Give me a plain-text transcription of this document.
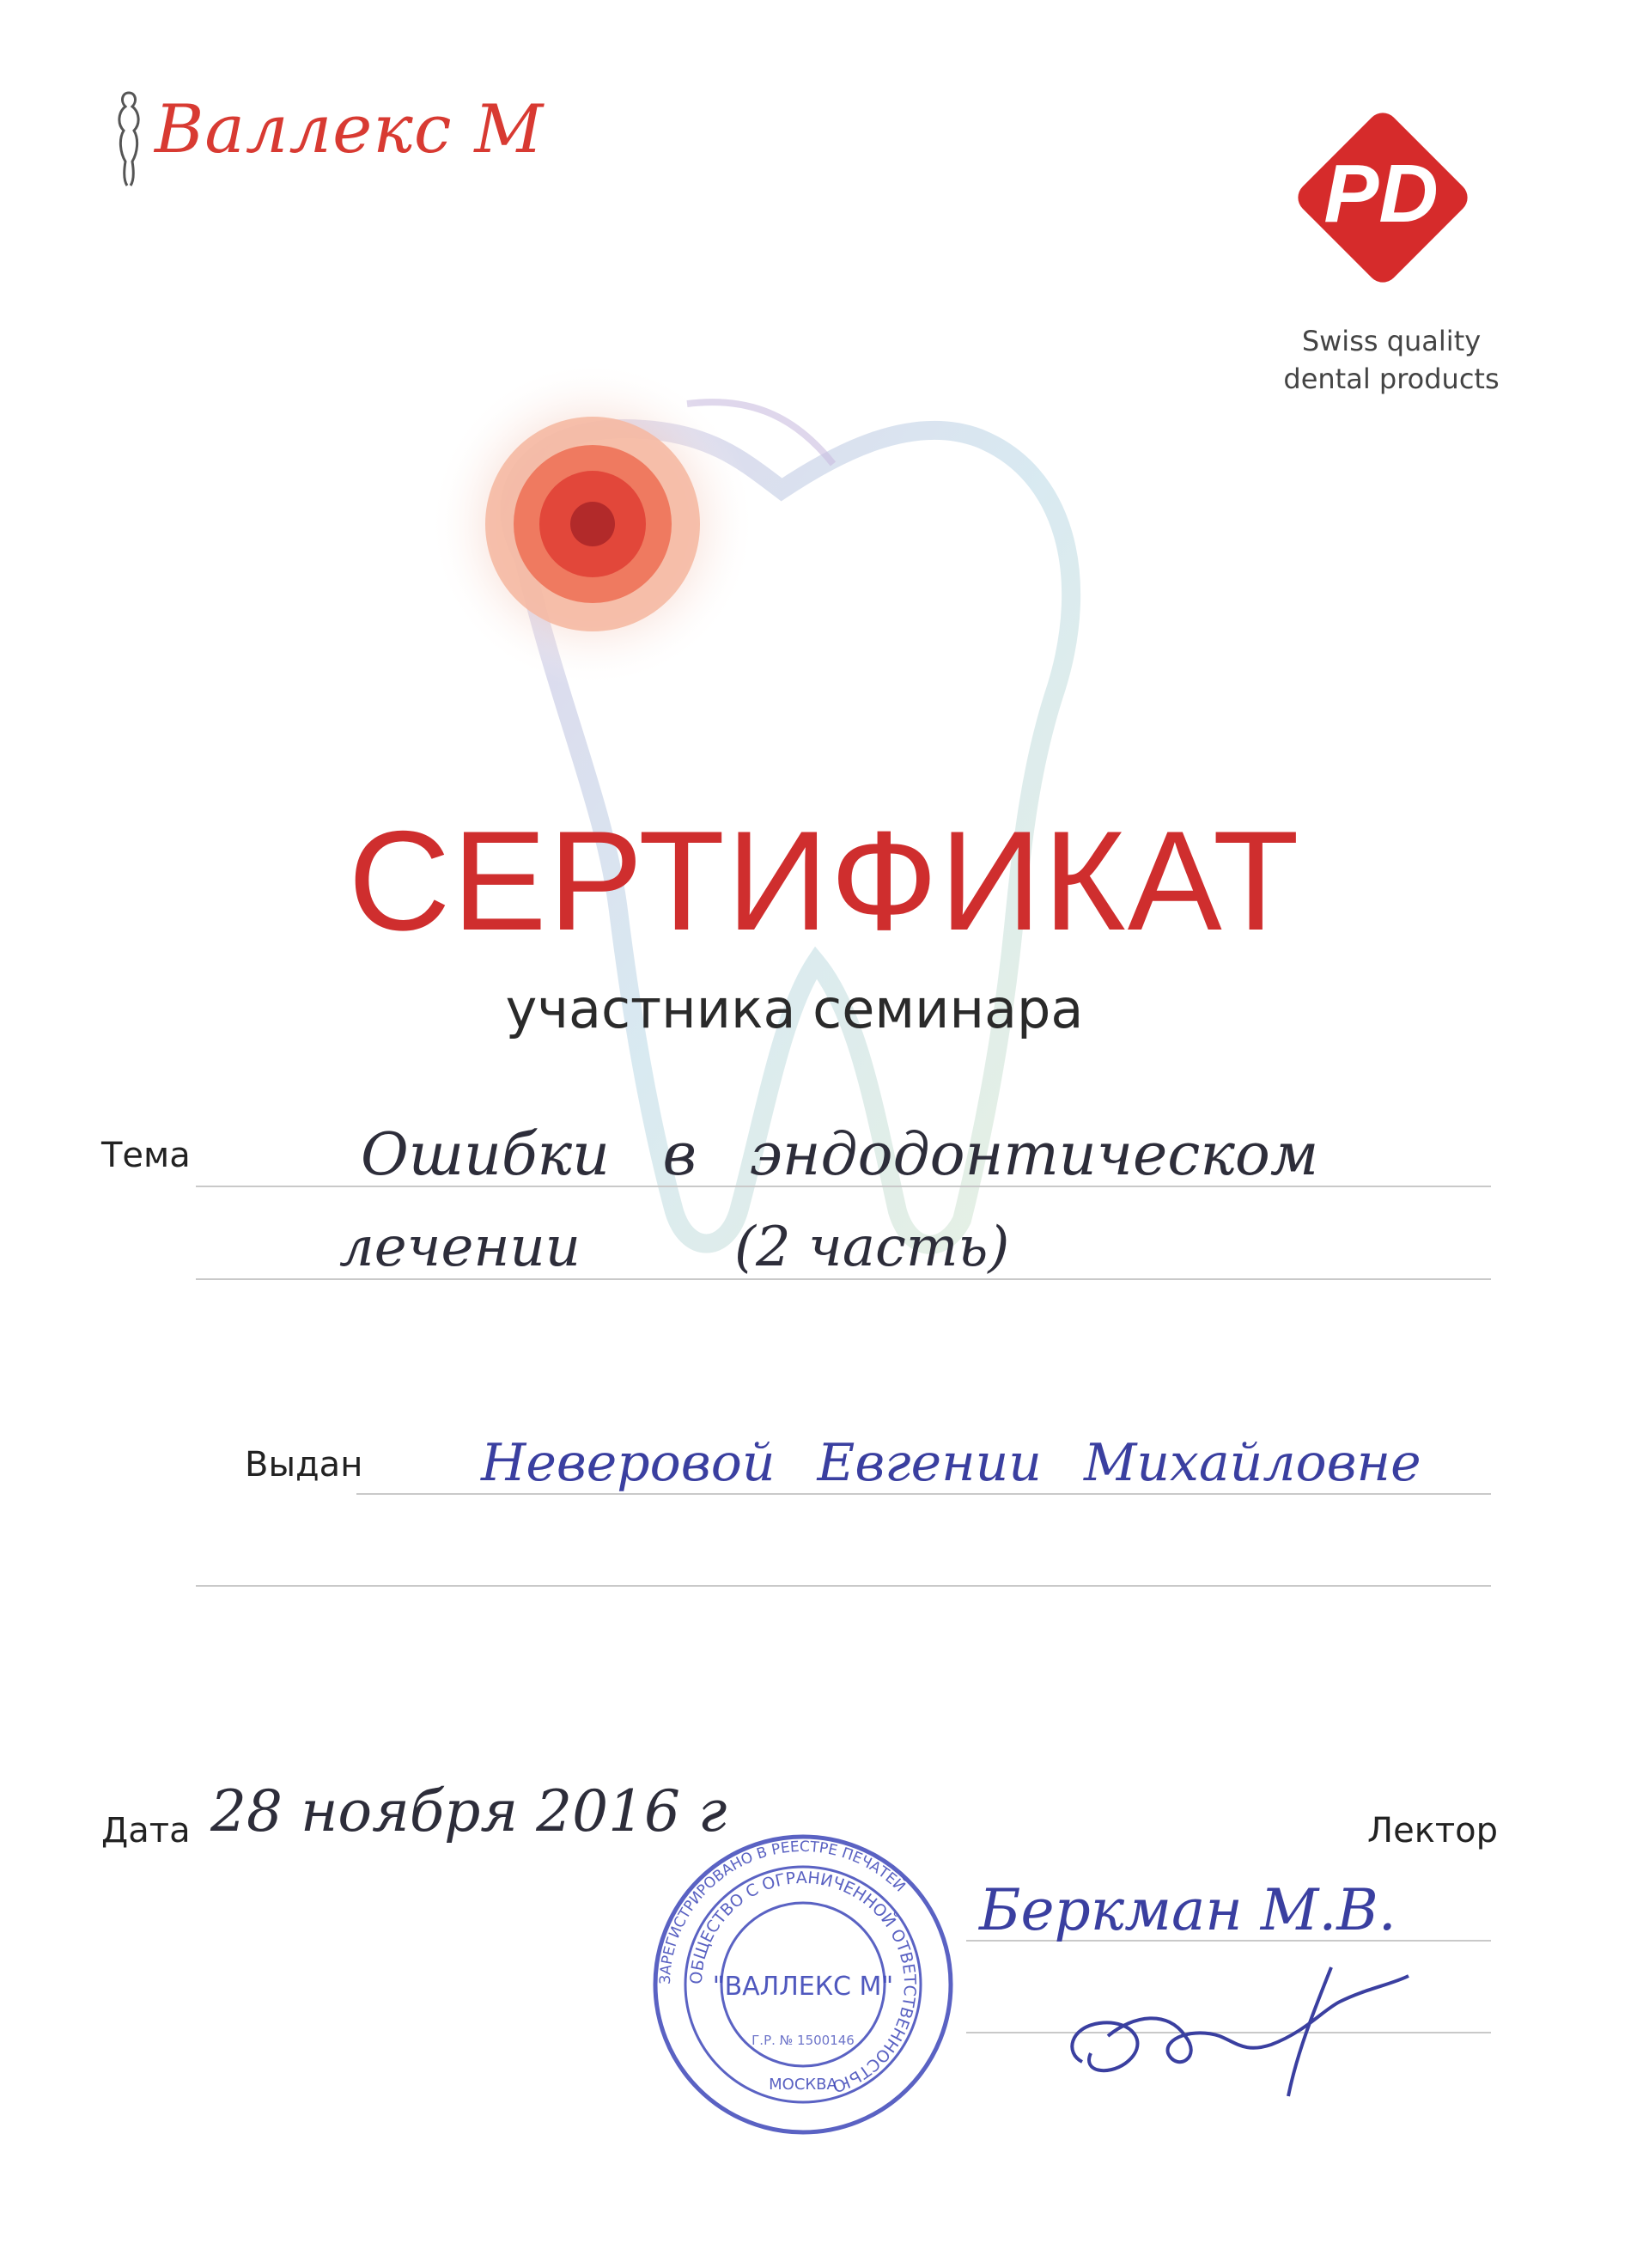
Валлекс М
PD
Swiss quality
dental products
СЕРТИФИКАТ
участника семинара
Тема	Ошибки в эндодонтическом
лечении	(2 часть)
Выдан Неверовой Евгении Михайловне
Дата 28 ноября 2016 г	Лектор
Беркман М.В.
ЗАРЕГИСТРИРОВАНО В РЕЕСТРЕ ПЕЧАТЕЙ
ОБЩЕСТВО С ОГРАНИЧЕННОЙ ОТВЕТСТВЕННОСТЬЮ
"ВАЛЛЕКС М"
МОСКВА
Г.Р. № 1500146
